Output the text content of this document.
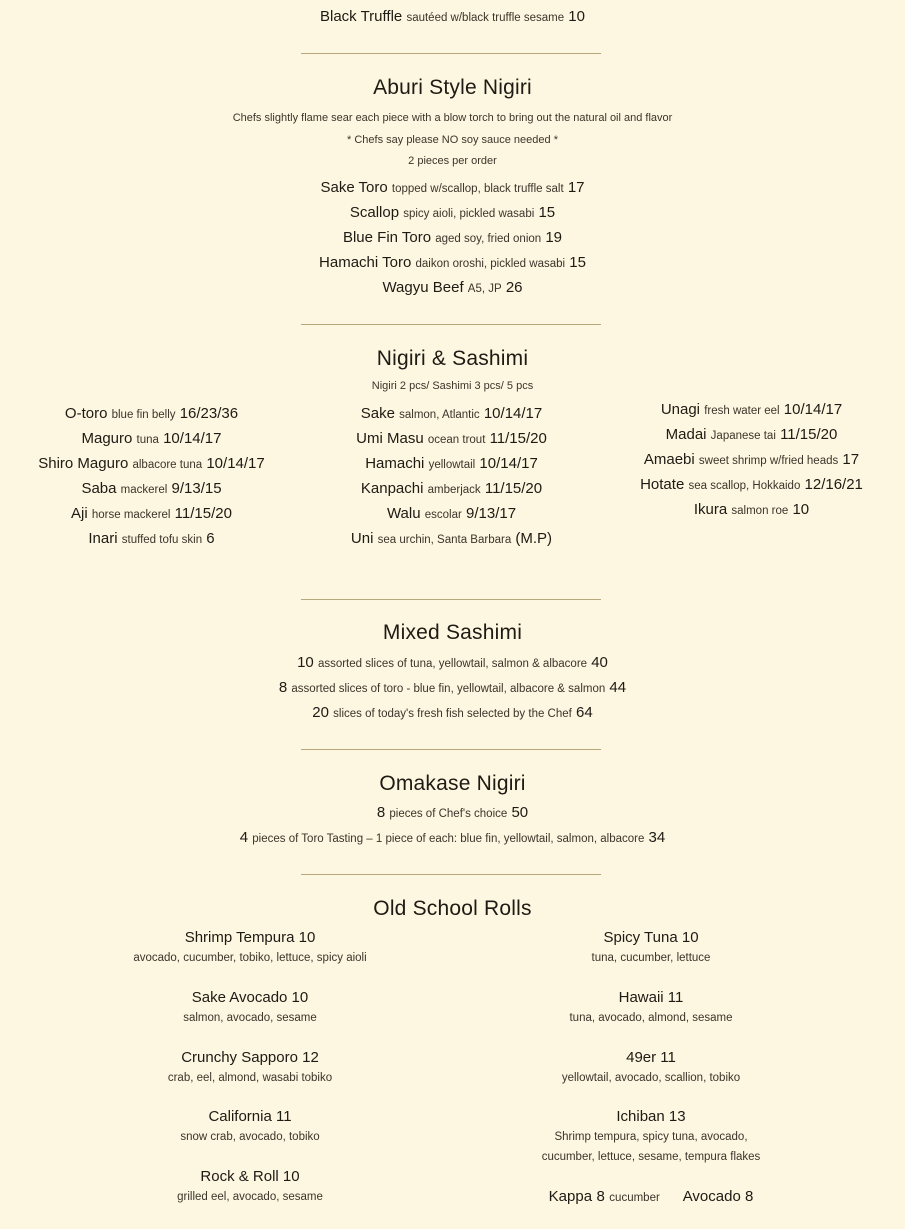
Black Truffle sautéed w/black truffle sesame 10
Aburi Style Nigiri
Chefs slightly flame sear each piece with a blow torch to bring out the natural oil and flavor
* Chefs say please NO soy sauce needed *
2 pieces per order
Sake Toro topped w/scallop, black truffle salt 17
Scallop spicy aioli, pickled wasabi 15
Blue Fin Toro aged soy, fried onion 19
Hamachi Toro daikon oroshi, pickled wasabi 15
Wagyu Beef A5, JP 26
Nigiri & Sashimi
Nigiri 2 pcs/ Sashimi 3 pcs/ 5 pcs
O-toro blue fin belly 16/23/36
Maguro tuna 10/14/17
Shiro Maguro albacore tuna 10/14/17
Saba mackerel 9/13/15
Aji horse mackerel 11/15/20
Inari stuffed tofu skin 6
Sake salmon, Atlantic 10/14/17
Umi Masu ocean trout 11/15/20
Hamachi yellowtail 10/14/17
Kanpachi amberjack 11/15/20
Walu escolar 9/13/17
Uni sea urchin, Santa Barbara (M.P)
Unagi fresh water eel 10/14/17
Madai Japanese tai 11/15/20
Amaebi sweet shrimp w/fried heads 17
Hotate sea scallop, Hokkaido 12/16/21
Ikura salmon roe 10
Mixed Sashimi
10 assorted slices of tuna, yellowtail, salmon & albacore 40
8 assorted slices of toro - blue fin, yellowtail, albacore & salmon 44
20 slices of today's fresh fish selected by the Chef 64
Omakase Nigiri
8 pieces of Chef's choice 50
4 pieces of Toro Tasting – 1 piece of each: blue fin, yellowtail, salmon, albacore 34
Old School Rolls
Shrimp Tempura 10
avocado, cucumber, tobiko, lettuce, spicy aioli
Sake Avocado 10
salmon, avocado, sesame
Crunchy Sapporo 12
crab, eel, almond, wasabi tobiko
California 11
snow crab, avocado, tobiko
Rock & Roll 10
grilled eel, avocado, sesame
Spicy Tuna 10
tuna, cucumber, lettuce
Hawaii 11
tuna, avocado, almond, sesame
49er 11
yellowtail, avocado, scallion, tobiko
Ichiban 13
Shrimp tempura, spicy tuna, avocado,
cucumber, lettuce, sesame, tempura flakes
Kappa 8 cucumber Avocado 8
